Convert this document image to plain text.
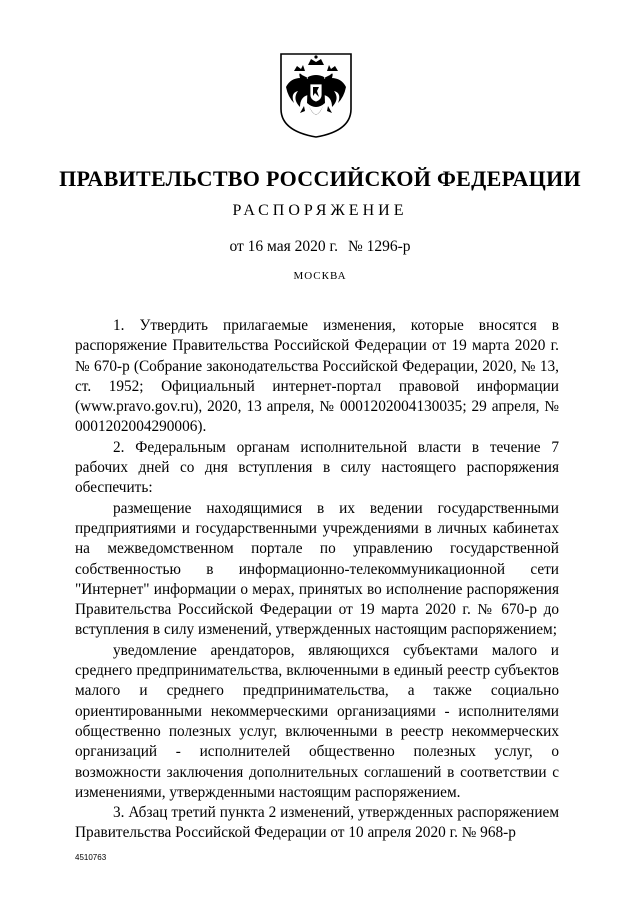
ПРАВИТЕЛЬСТВО РОССИЙСКОЙ ФЕДЕРАЦИИ
РАСПОРЯЖЕНИЕ
от 16 мая 2020 г. № 1296-р
МОСКВА

1. Утвердить прилагаемые изменения, которые вносятся в распоряжение Правительства Российской Федерации от 19 марта 2020 г. № 670-р (Собрание законодательства Российской Федерации, 2020, № 13, ст. 1952; Официальный интернет-портал правовой информации (www.pravo.gov.ru), 2020, 13 апреля, № 0001202004130035; 29 апреля, № 0001202004290006).

2. Федеральным органам исполнительной власти в течение 7 рабочих дней со дня вступления в силу настоящего распоряжения обеспечить:

размещение находящимися в их ведении государственными предприятиями и государственными учреждениями в личных кабинетах на межведомственном портале по управлению государственной собственностью в информационно-телекоммуникационной сети "Интернет" информации о мерах, принятых во исполнение распоряжения Правительства Российской Федерации от 19 марта 2020 г. № 670-р до вступления в силу изменений, утвержденных настоящим распоряжением;

уведомление арендаторов, являющихся субъектами малого и среднего предпринимательства, включенными в единый реестр субъектов малого и среднего предпринимательства, а также социально ориентированными некоммерческими организациями - исполнителями общественно полезных услуг, включенными в реестр некоммерческих организаций - исполнителей общественно полезных услуг, о возможности заключения дополнительных соглашений в соответствии с изменениями, утвержденными настоящим распоряжением.

3. Абзац третий пункта 2 изменений, утвержденных распоряжением Правительства Российской Федерации от 10 апреля 2020 г. № 968-р

4510763
